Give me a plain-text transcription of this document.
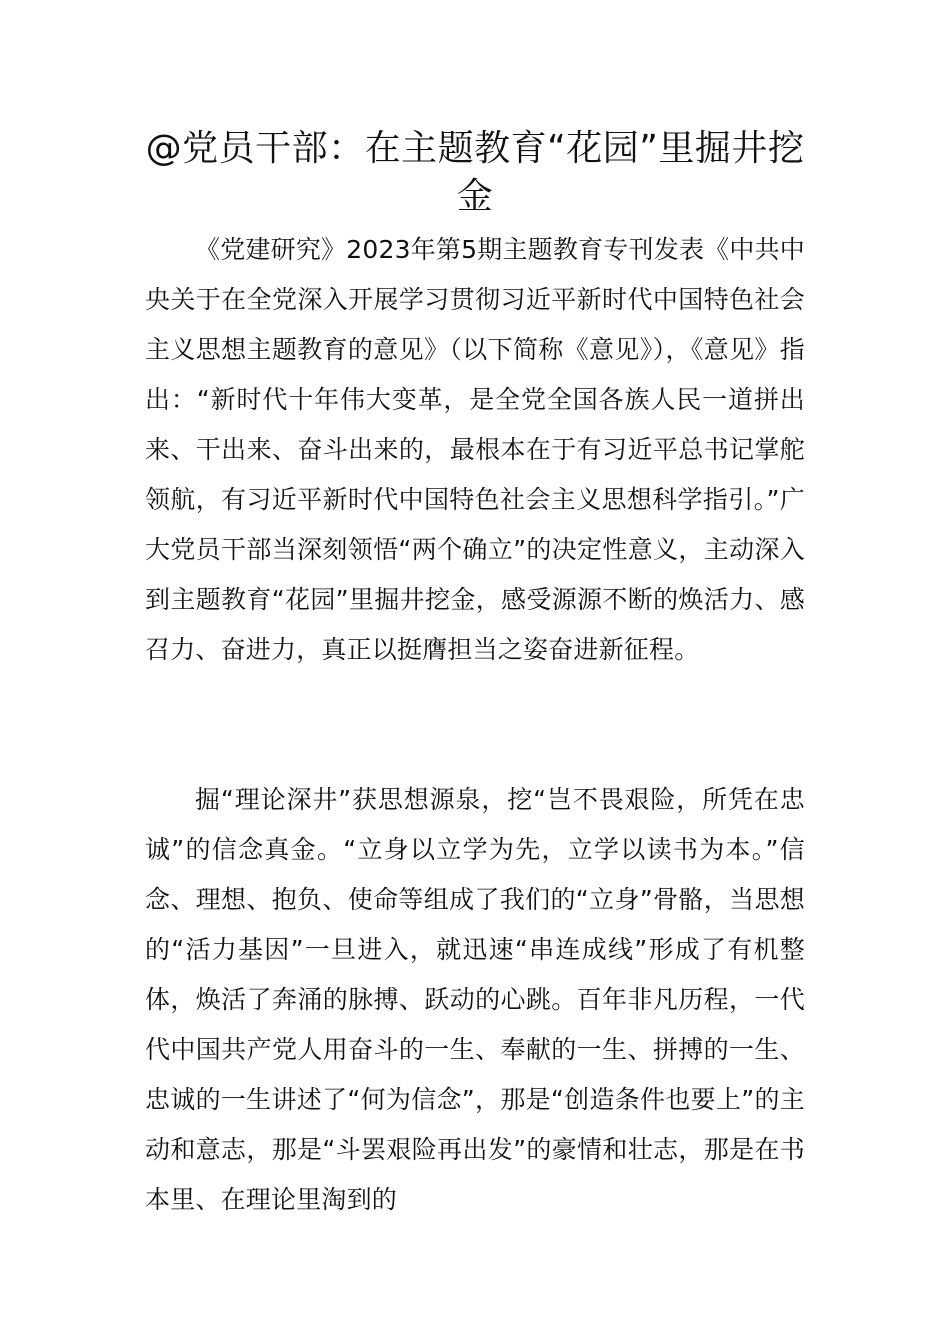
@党员干部：在主题教育“花园”里掘井挖金

《党建研究》2023年第5期主题教育专刊发表《中共中央关于在全党深入开展学习贯彻习近平新时代中国特色社会主义思想主题教育的意见》（以下简称《意见》），《意见》指出：“新时代十年伟大变革，是全党全国各族人民一道拼出来、干出来、奋斗出来的，最根本在于有习近平总书记掌舵领航，有习近平新时代中国特色社会主义思想科学指引。”广大党员干部当深刻领悟“两个确立”的决定性意义，主动深入到主题教育“花园”里掘井挖金，感受源源不断的焕活力、感召力、奋进力，真正以挺膺担当之姿奋进新征程。

掘“理论深井”获思想源泉，挖“岂不畏艰险，所凭在忠诚”的信念真金。“立身以立学为先，立学以读书为本。”信念、理想、抱负、使命等组成了我们的“立身”骨骼，当思想的“活力基因”一旦进入，就迅速“串连成线”形成了有机整体，焕活了奔涌的脉搏、跃动的心跳。百年非凡历程，一代代中国共产党人用奋斗的一生、奉献的一生、拼搏的一生、忠诚的一生讲述了“何为信念”，那是“创造条件也要上”的主动和意志，那是“斗罢艰险再出发”的豪情和壮志，那是在书本里、在理论里淘到的
